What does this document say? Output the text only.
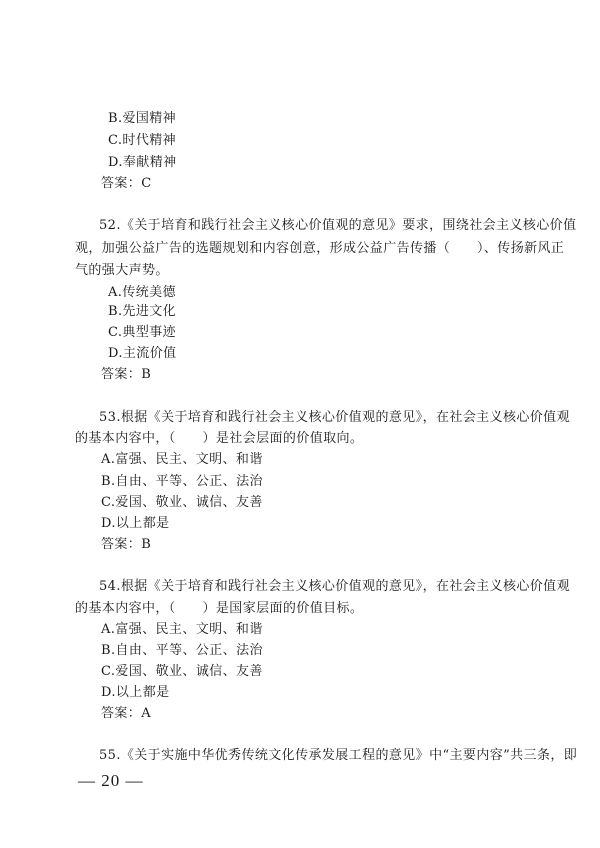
B.爱国精神
C.时代精神
D.奉献精神
答案：C
52.《关于培育和践行社会主义核心价值观的意见》要求，围绕社会主义核心价值
观，加强公益广告的选题规划和内容创意，形成公益广告传播（　　）、传扬新风正
气的强大声势。
A.传统美德
B.先进文化
C.典型事迹
D.主流价值
答案：B
53.根据《关于培育和践行社会主义核心价值观的意见》，在社会主义核心价值观
的基本内容中，（　　）是社会层面的价值取向。
A.富强、民主、文明、和谐
B.自由、平等、公正、法治
C.爱国、敬业、诚信、友善
D.以上都是
答案：B
54.根据《关于培育和践行社会主义核心价值观的意见》，在社会主义核心价值观
的基本内容中，（　　）是国家层面的价值目标。
A.富强、民主、文明、和谐
B.自由、平等、公正、法治
C.爱国、敬业、诚信、友善
D.以上都是
答案：A
55.《关于实施中华优秀传统文化传承发展工程的意见》中“主要内容”共三条，即
— 20 —
